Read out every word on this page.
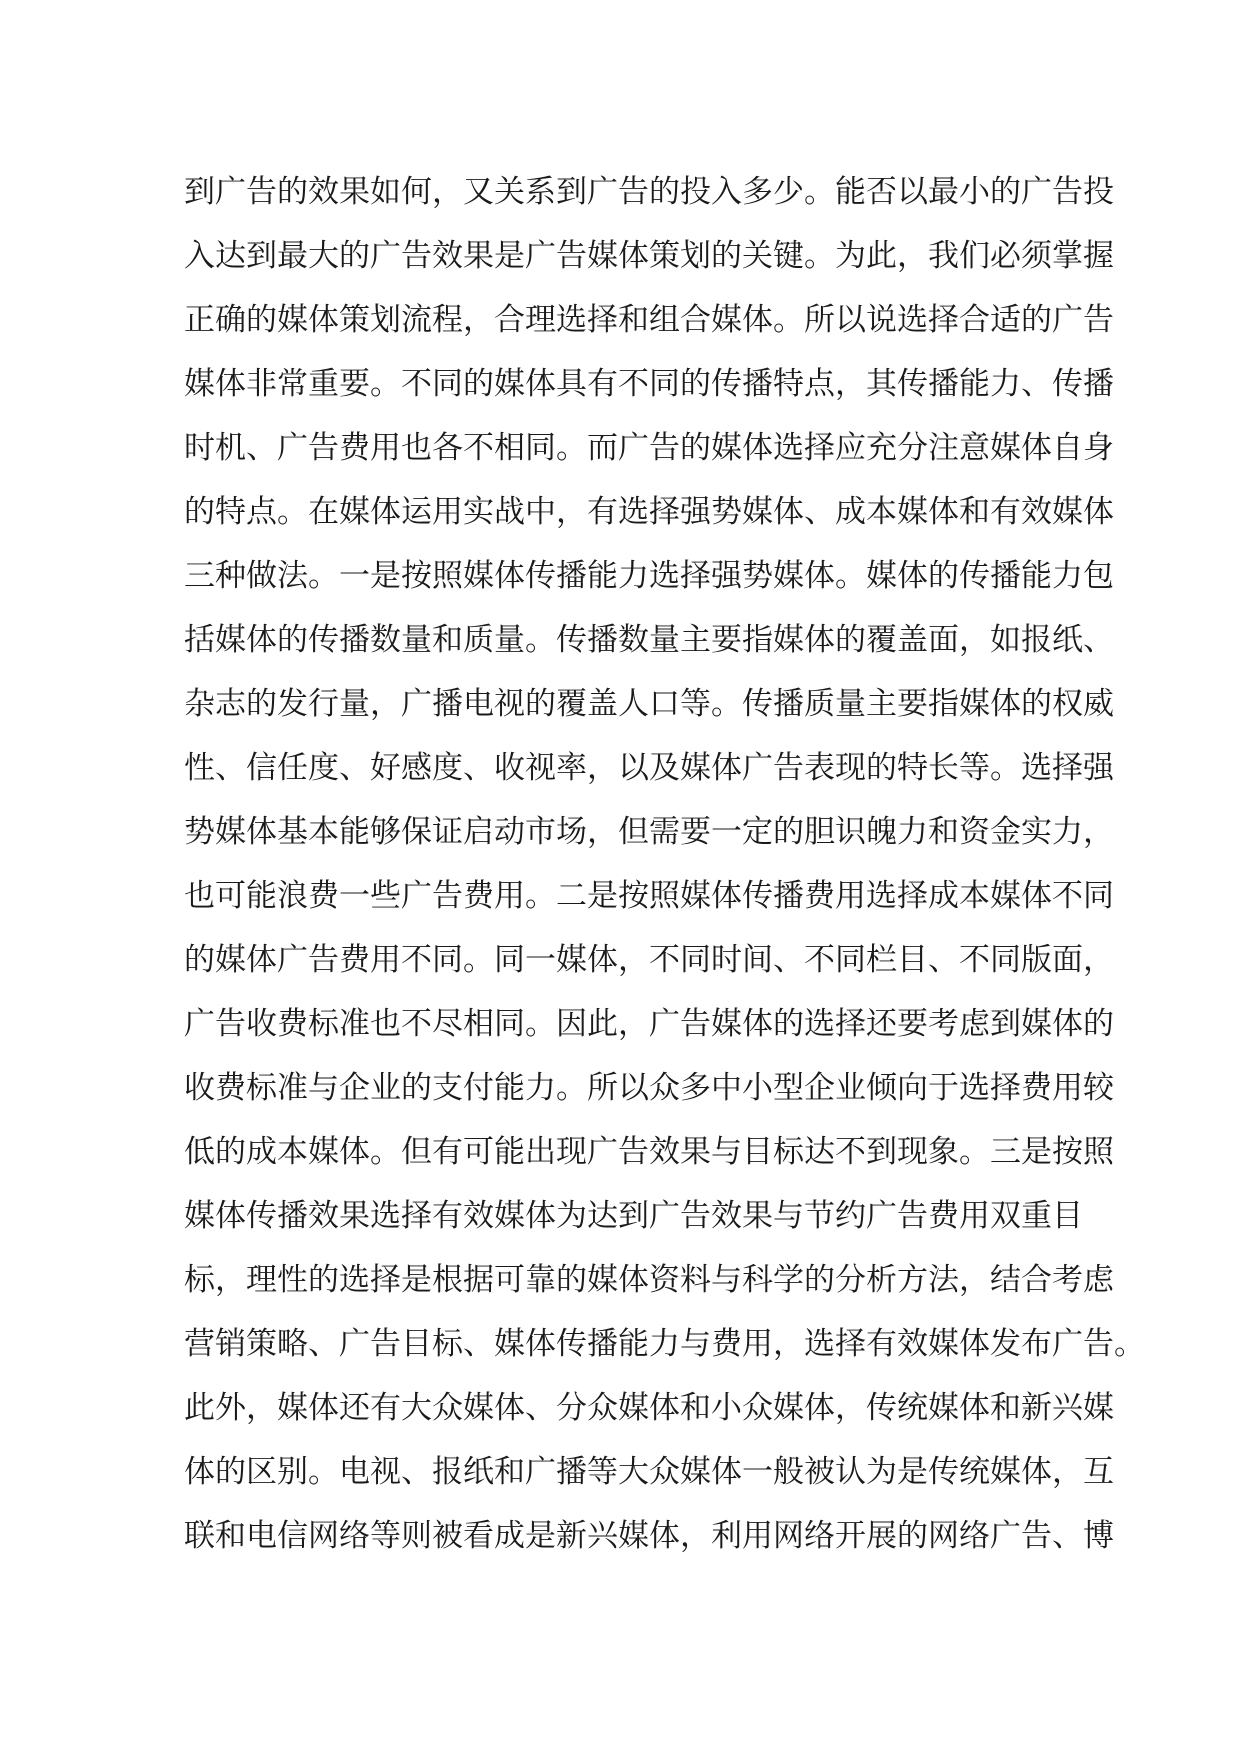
到广告的效果如何，又关系到广告的投入多少。能否以最小的广告投
入达到最大的广告效果是广告媒体策划的关键。为此，我们必须掌握
正确的媒体策划流程，合理选择和组合媒体。所以说选择合适的广告
媒体非常重要。不同的媒体具有不同的传播特点，其传播能力、传播
时机、广告费用也各不相同。而广告的媒体选择应充分注意媒体自身
的特点。在媒体运用实战中，有选择强势媒体、成本媒体和有效媒体
三种做法。一是按照媒体传播能力选择强势媒体。媒体的传播能力包
括媒体的传播数量和质量。传播数量主要指媒体的覆盖面，如报纸、
杂志的发行量，广播电视的覆盖人口等。传播质量主要指媒体的权威
性、信任度、好感度、收视率，以及媒体广告表现的特长等。选择强
势媒体基本能够保证启动市场，但需要一定的胆识魄力和资金实力，
也可能浪费一些广告费用。二是按照媒体传播费用选择成本媒体不同
的媒体广告费用不同。同一媒体，不同时间、不同栏目、不同版面，
广告收费标准也不尽相同。因此，广告媒体的选择还要考虑到媒体的
收费标准与企业的支付能力。所以众多中小型企业倾向于选择费用较
低的成本媒体。但有可能出现广告效果与目标达不到现象。三是按照
媒体传播效果选择有效媒体为达到广告效果与节约广告费用双重目
标，理性的选择是根据可靠的媒体资料与科学的分析方法，结合考虑
营销策略、广告目标、媒体传播能力与费用，选择有效媒体发布广告。
此外，媒体还有大众媒体、分众媒体和小众媒体，传统媒体和新兴媒
体的区别。电视、报纸和广播等大众媒体一般被认为是传统媒体，互
联和电信网络等则被看成是新兴媒体，利用网络开展的网络广告、博
